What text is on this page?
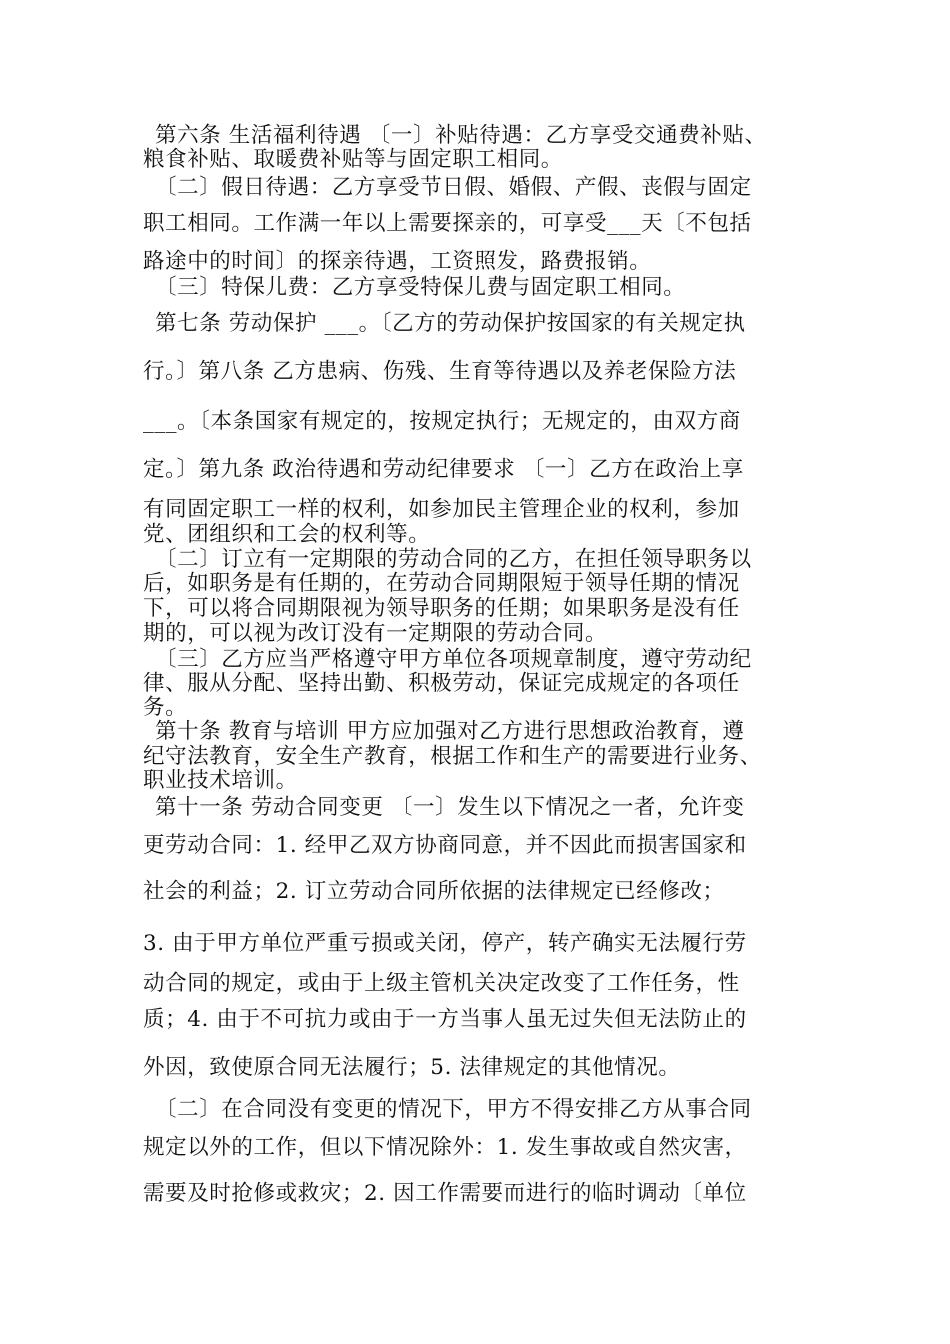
第六条 生活福利待遇 〔一〕补贴待遇：乙方享受交通费补贴、
粮食补贴、取暖费补贴等与固定职工相同。
〔二〕假日待遇：乙方享受节日假、婚假、产假、丧假与固定
职工相同。工作满一年以上需要探亲的，可享受___天〔不包括
路途中的时间〕的探亲待遇，工资照发，路费报销。
〔三〕特保儿费：乙方享受特保儿费与固定职工相同。
第七条 劳动保护 ___。〔乙方的劳动保护按国家的有关规定执
行。〕第八条 乙方患病、伤残、生育等待遇以及养老保险方法
___。〔本条国家有规定的，按规定执行；无规定的，由双方商
定。〕第九条 政治待遇和劳动纪律要求 〔一〕乙方在政治上享
有同固定职工一样的权利，如参加民主管理企业的权利，参加
党、团组织和工会的权利等。
〔二〕订立有一定期限的劳动合同的乙方，在担任领导职务以
后，如职务是有任期的，在劳动合同期限短于领导任期的情况
下，可以将合同期限视为领导职务的任期；如果职务是没有任
期的，可以视为改订没有一定期限的劳动合同。
〔三〕乙方应当严格遵守甲方单位各项规章制度，遵守劳动纪
律、服从分配、坚持出勤、积极劳动，保证完成规定的各项任
务。
第十条 教育与培训 甲方应加强对乙方进行思想政治教育，遵
纪守法教育，安全生产教育，根据工作和生产的需要进行业务、
职业技术培训。
第十一条 劳动合同变更 〔一〕发生以下情况之一者，允许变
更劳动合同：1. 经甲乙双方协商同意，并不因此而损害国家和
社会的利益；2. 订立劳动合同所依据的法律规定已经修改；
3. 由于甲方单位严重亏损或关闭，停产，转产确实无法履行劳
动合同的规定，或由于上级主管机关决定改变了工作任务，性
质；4. 由于不可抗力或由于一方当事人虽无过失但无法防止的
外因，致使原合同无法履行；5. 法律规定的其他情况。
〔二〕在合同没有变更的情况下，甲方不得安排乙方从事合同
规定以外的工作，但以下情况除外：1. 发生事故或自然灾害，
需要及时抢修或救灾；2. 因工作需要而进行的临时调动〔单位
